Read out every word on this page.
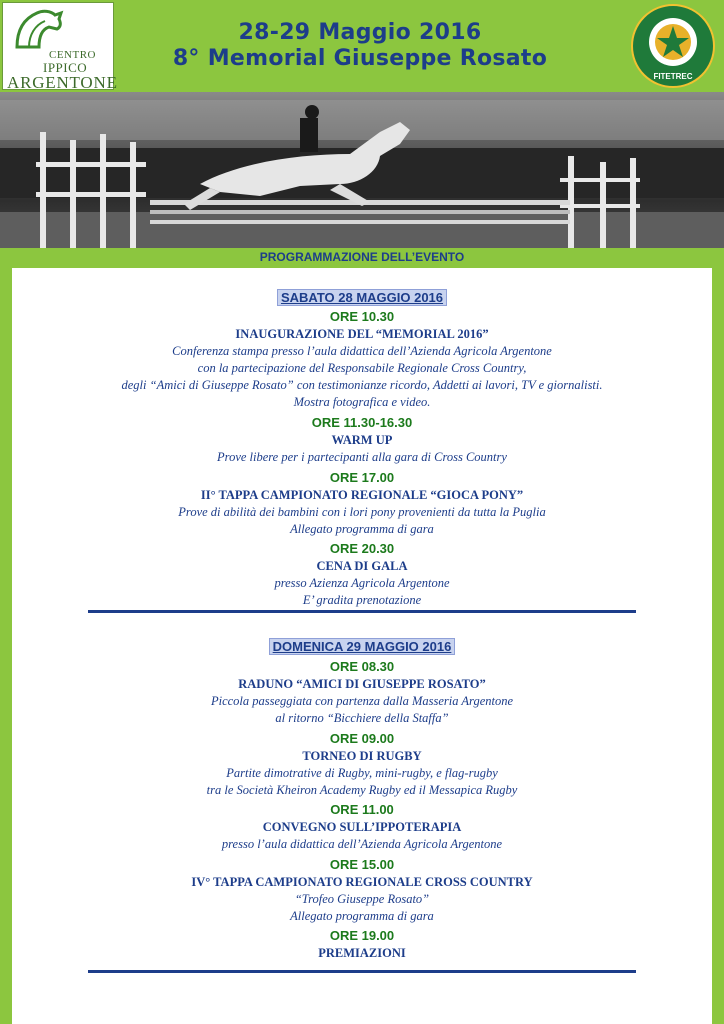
CENTRO
IPPICO
ARGENTONE
28-29 Maggio 2016
8° Memorial Giuseppe Rosato
FITETREC
PROGRAMMAZIONE DELL’EVENTO
SABATO 28 MAGGIO 2016
ORE 10.30
INAUGURAZIONE DEL “MEMORIAL 2016”
Conferenza stampa presso l’aula didattica dell’Azienda Agricola Argentone
con la partecipazione del Responsabile Regionale Cross Country,
degli “Amici di Giuseppe Rosato” con testimonianze ricordo, Addetti ai lavori, TV e giornalisti.
Mostra fotografica e video.
ORE 11.30-16.30
WARM UP
Prove libere per i partecipanti alla gara di Cross Country
ORE 17.00
II° TAPPA CAMPIONATO REGIONALE “GIOCA PONY”
Prove di abilità dei bambini con i lori pony provenienti da tutta la Puglia
Allegato programma di gara
ORE 20.30
CENA DI GALA
presso Azienza Agricola Argentone
E’ gradita prenotazione
DOMENICA 29 MAGGIO 2016
ORE 08.30
RADUNO “AMICI DI GIUSEPPE ROSATO”
Piccola passeggiata con partenza dalla Masseria Argentone
al ritorno “Bicchiere della Staffa”
ORE 09.00
TORNEO DI RUGBY
Partite dimotrative di Rugby, mini-rugby, e flag-rugby
tra le Società Kheiron Academy Rugby ed il Messapica Rugby
ORE 11.00
CONVEGNO SULL’IPPOTERAPIA
presso l’aula didattica dell’Azienda Agricola Argentone
ORE 15.00
IV° TAPPA CAMPIONATO REGIONALE CROSS COUNTRY
“Trofeo Giuseppe Rosato”
Allegato programma di gara
ORE 19.00
PREMIAZIONI
